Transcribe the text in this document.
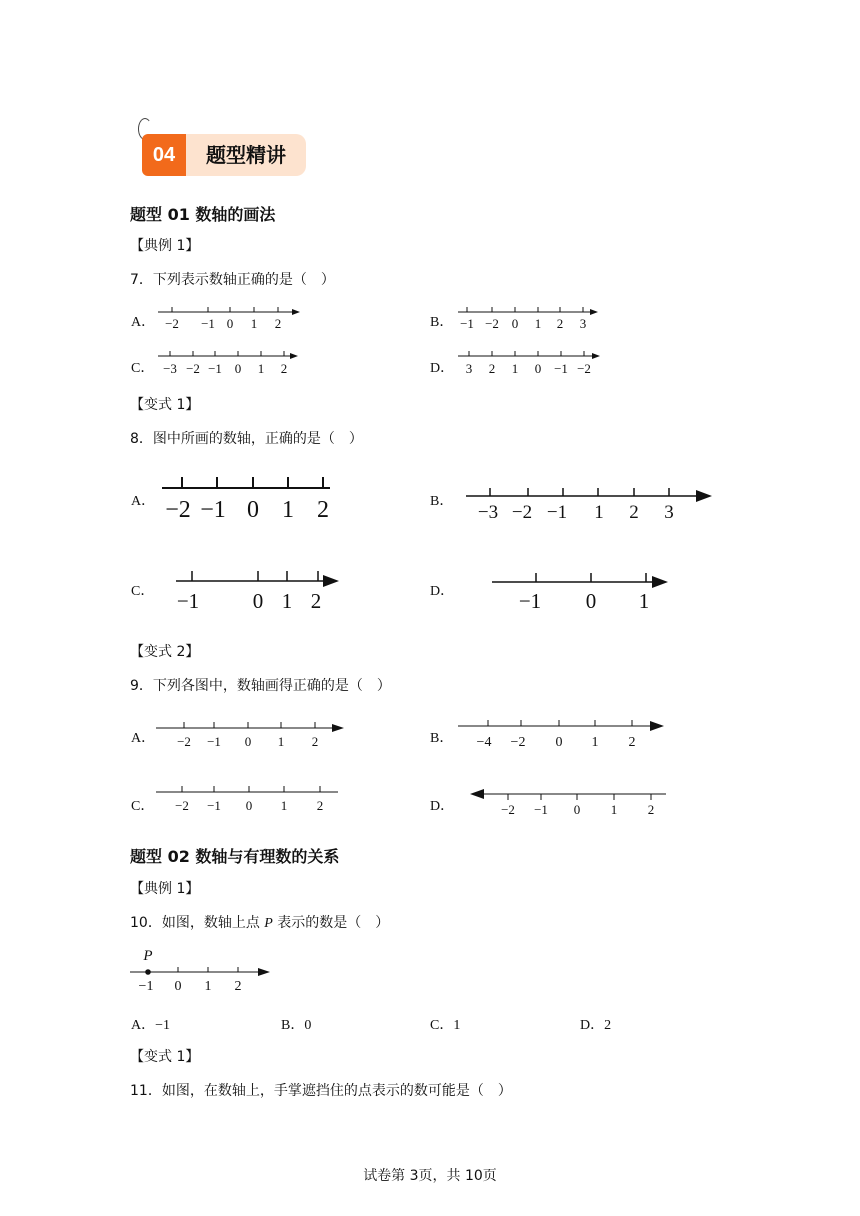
04	题型精讲
题型 01 数轴的画法
【典例 1】
7．下列表示数轴正确的是（　）
A． −2 −1 0 1 2	B． −1 −2 0 1 2 3
C． −3 −2 −1 0 1 2	D． 3 2 1 0 −1 −2
【变式 1】
8．图中所画的数轴，正确的是（　）
A． −2 −1 0 1 2	B．
−3 −2 −1 1 2 3
C． −1	0 1 2	D．	−1 0 1
【变式 2】
9．下列各图中，数轴画得正确的是（　）
A． −2 −1 0 1 2	B． −4 −2 0 1 2
C． −2 −1 0 1 2	D．	−2 −1 0 1 2
题型 02 数轴与有理数的关系
【典例 1】
10．如图，数轴上点 P 表示的数是（　）
P
−1 0 1 2
A．−1	B．0	C．1	D．2
【变式 1】
11．如图，在数轴上，手掌遮挡住的点表示的数可能是（　）
试卷第 3页，共 10页
